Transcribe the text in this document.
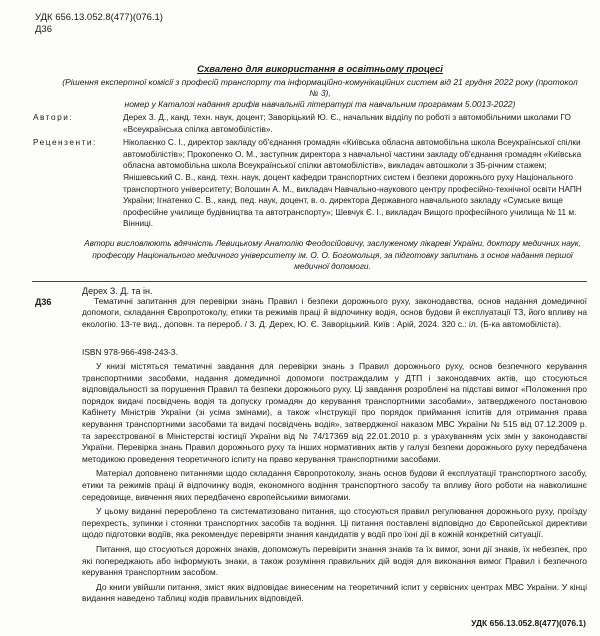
УДК 656.13.052.8(477)(076.1)
Д36
Схвалено для використання в освітньому процесі
(Рішення експертної комісії з професій транспорту та інформаційно-комунікаційних систем від 21 грудня 2022 року (протокол № 3),
номер у Каталозі надання грифів навчальній літературі та навчальним програмам 5.0013-2022)
Автори:	Дерех З. Д., канд. техн. наук, доцент; Заворіцький Ю. Є., начальник відділу по роботі з автомобільними школами ГО «Всеукраїнська спілка автомобілістів».
Рецензенти:	Ніколаєнко С. І., директор закладу об'єднання громадян «Київська обласна автомобільна школа Всеукраїнської спілки автомобілістів»; Прокопенко О. М., заступник директора з навчальної частини закладу об'єднання громадян «Київська обласна автомобільна школа Всеукраїнської спілки автомобілістів», викладач автошколи з 35-річним стажем; Янішевський С. В., канд. техн. наук, доцент кафедри транспортних систем і безпеки дорожнього руху Національного транспортного університету; Волошин А. М., викладач Навчально-наукового центру професійно-технічної освіти НАПН України; Ігнатенко С. В., канд. пед. наук, доцент, в. о. директора Державного навчального закладу «Сумське вище професійне училище будівництва та автотранспорту»; Шевчук Є. І., викладач Вищого професійного училища № 11 м. Вінниці.
Автори висловлюють вдячність Левицькому Анатолію Феодосійовичу, заслуженому лікареві України, доктору медичних наук, професору Національного медичного університету ім. О. О. Богомольця, за підготовку запитань з основ надання першої медичної допомоги.
Дерех З. Д. та ін.
Д36	Тематичні запитання для перевірки знань Правил і безпеки дорожнього руху, законодавства, основ надання домедичної допомоги, складання Європротоколу, етики та режимів праці й відпочинку водія, основ будови й експлуатації ТЗ, його впливу на екологію. 13-те вид., доповн. та перероб. / З. Д. Дерех, Ю. Є. Заворіцький. Київ : Арій, 2024. 320 с.: іл. (Б-ка автомобіліста).
ISBN 978-966-498-243-3.

У книзі містяться тематичні завдання для перевірки знань з Правил дорожнього руху, основ безпечного керування транспортними засобами, надання домедичної допомоги постраждалим у ДТП і законодавчих актів, що стосуються відповідальності за порушення Правил та безпеки дорожнього руху. Ці завдання розроблені на підставі вимог «Положення про порядок видачі посвідчень водія та допуску громадян до керування транспортними засобами», затвердженого постановою Кабінету Міністрів України (зі усіма змінами), а також «Інструкції про порядок приймання іспитів для отримання права керування транспортними засобами та видачі посвідчень водія», затвердженої наказом МВС України № 515 від 07.12.2009 р. та зареєстрованої в Міністерстві юстиції України від № 74/17369 від 22.01.2010 р. з урахуванням усіх змін у законодавстві України. Перевірка знань Правил дорожнього руху та інших нормативних актів у галузі безпеки дорожнього руху передбачена методикою проведення теоретичного іспиту на право керування транспортними засобами.

Матеріал доповнено питаннями щодо складання Європротоколу, знань основ будови й експлуатації транспортного засобу, етики та режимів праці й відпочинку водія, економного водіння транспортного засобу та впливу його роботи на навколишнє середовище, вивчення яких передбачено європейськими вимогами.

У цьому виданні перероблено та систематизовано питання, що стосуються правил регулювання дорожнього руху, проїзду перехресть, зупинки і стоянки транспортних засобів та водіння. Ці питання поставлені відповідно до Європейської директиви щодо підготовки водіїв, яка рекомендує перевіряти знання кандидатів у водії про їхні дії в кожній конкретній ситуації.

Питання, що стосуються дорожніх знаків, допоможуть перевірити знання знаків та їх вимог, зони дії знаків, їх небезпек, про які попереджають або інформують знаки, а також розуміння правильних дій водія для виконання вимог Правил і безпечного керування транспортним засобом.

До книги увійшли питання, зміст яких відповідає винесеним на теоретичний іспит у сервісних центрах МВС України. У кінці видання наведено таблиці кодів правильних відповідей.

УДК 656.13.052.8(477)(076.1)
